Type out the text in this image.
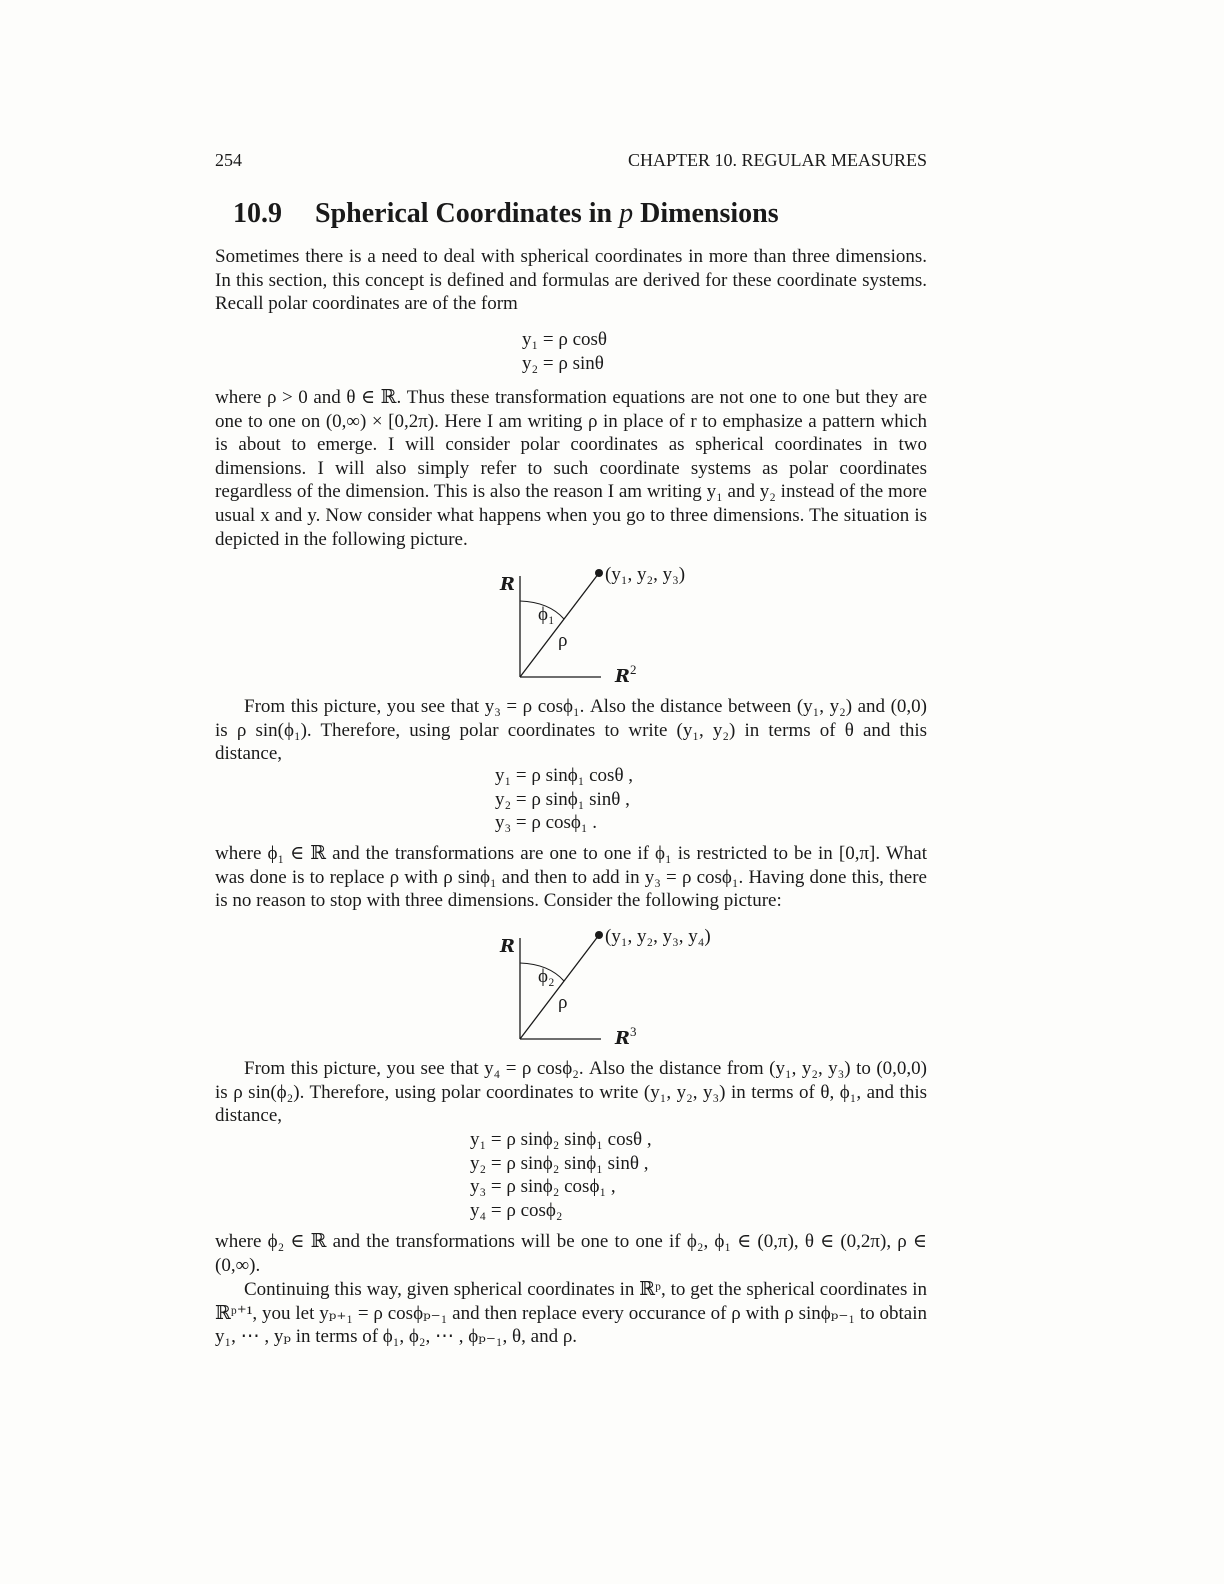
254	CHAPTER 10. REGULAR MEASURES
10.9 Spherical Coordinates in p Dimensions

Sometimes there is a need to deal with spherical coordinates in more than three dimensions. In this section, this concept is defined and formulas are derived for these coordinate systems. Recall polar coordinates are of the form

y₁ = ρ cosθ
y₂ = ρ sinθ

where ρ > 0 and θ ∈ ℝ. Thus these transformation equations are not one to one but they are one to one on (0,∞) × [0,2π). Here I am writing ρ in place of r to emphasize a pattern which is about to emerge. I will consider polar coordinates as spherical coordinates in two dimensions. I will also simply refer to such coordinate systems as polar coordinates regardless of the dimension. This is also the reason I am writing y₁ and y₂ instead of the more usual x and y. Now consider what happens when you go to three dimensions. The situation is depicted in the following picture.

R	(y₁, y₂, y₃)
ϕ₁
ρ
$R^2$

From this picture, you see that y₃ = ρ cosϕ₁. Also the distance between (y₁, y₂) and (0,0) is ρ sin(ϕ₁). Therefore, using polar coordinates to write (y₁, y₂) in terms of θ and this distance,

y₁ = ρ sinϕ₁ cosθ ,
y₂ = ρ sinϕ₁ sinθ ,
y₃ = ρ cosϕ₁ .

where ϕ₁ ∈ ℝ and the transformations are one to one if ϕ₁ is restricted to be in [0,π]. What was done is to replace ρ with ρ sinϕ₁ and then to add in y₃ = ρ cosϕ₁. Having done this, there is no reason to stop with three dimensions. Consider the following picture:

R	(y₁, y₂, y₃, y₄)
ϕ₂
ρ
$R^3$

From this picture, you see that y₄ = ρ cosϕ₂. Also the distance from (y₁, y₂, y₃) to (0,0,0) is ρ sin(ϕ₂). Therefore, using polar coordinates to write (y₁, y₂, y₃) in terms of θ, ϕ₁, and this distance,

y₁ = ρ sinϕ₂ sinϕ₁ cosθ ,
y₂ = ρ sinϕ₂ sinϕ₁ sinθ ,
y₃ = ρ sinϕ₂ cosϕ₁ ,
y₄ = ρ cosϕ₂

where ϕ₂ ∈ ℝ and the transformations will be one to one if ϕ₂, ϕ₁ ∈ (0,π), θ ∈ (0,2π), ρ ∈ (0,∞).

Continuing this way, given spherical coordinates in ℝᵖ, to get the spherical coordinates in ℝᵖ⁺¹, you let yₚ₊₁ = ρ cosϕₚ₋₁ and then replace every occurance of ρ with ρ sinϕₚ₋₁ to obtain y₁, ⋯ , yₚ in terms of ϕ₁, ϕ₂, ⋯ , ϕₚ₋₁, θ, and ρ.
